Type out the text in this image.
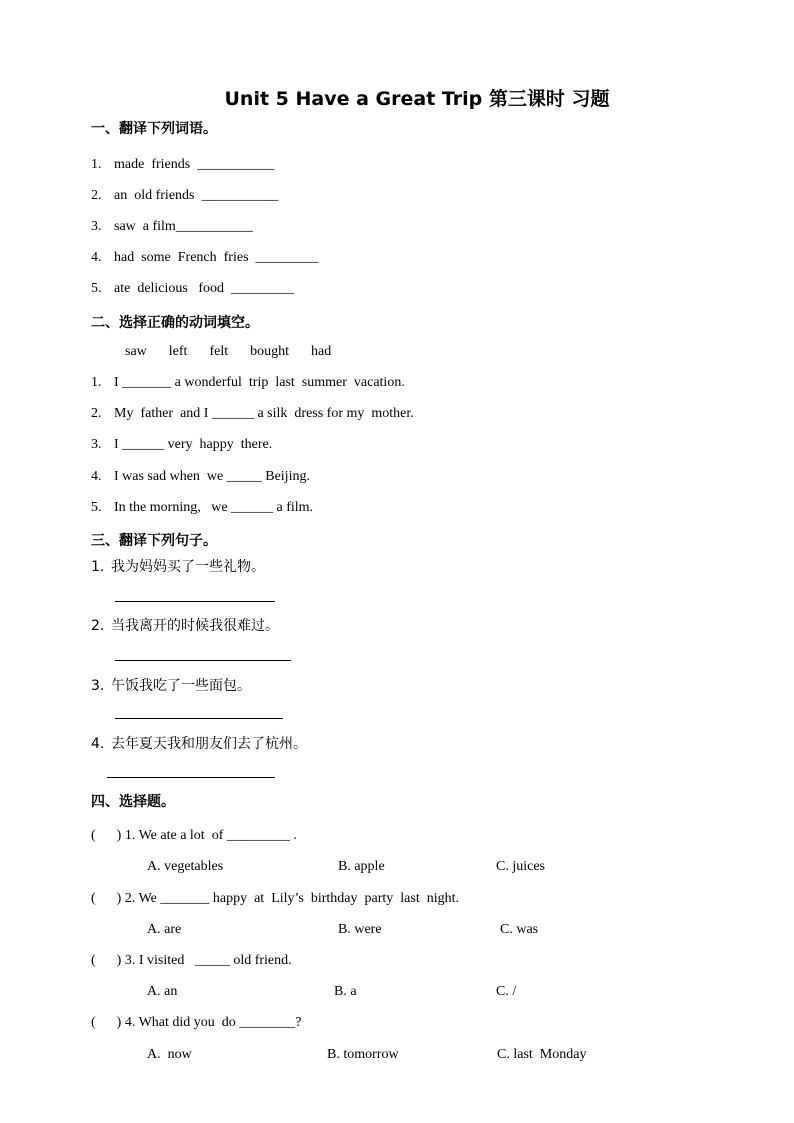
Unit 5 Have a Great Trip 第三课时 习题
一、翻译下列词语。
1. made  friends  ___________
2. an  old friends  ___________
3. saw  a film___________
4. had  some  French  fries  _________
5. ate  delicious   food  _________
二、选择正确的动词填空。
saw left felt bought had
1. I _______ a wonderful  trip  last  summer  vacation.
2. My  father  and I ______ a silk  dress for my  mother.
3. I ______ very  happy  there.
4. I was sad when  we _____ Beijing.
5. In the morning,   we ______ a film.
三、翻译下列句子。
1. 我为妈妈买了一些礼物。
2. 当我离开的时候我很难过。
3. 午饭我吃了一些面包。
4. 去年夏天我和朋友们去了杭州。
四、选择题。
(      ) 1. We ate a lot  of _________ .
A. vegetables	B. apple	C. juices
(      ) 2. We _______ happy  at  Lily’s  birthday  party  last  night.
A. are	B. were	C. was
(      ) 3. I visited   _____ old friend.
A. an	B. a	C. /
(      ) 4. What did you  do ________?
A.  now	B. tomorrow	C. last  Monday
